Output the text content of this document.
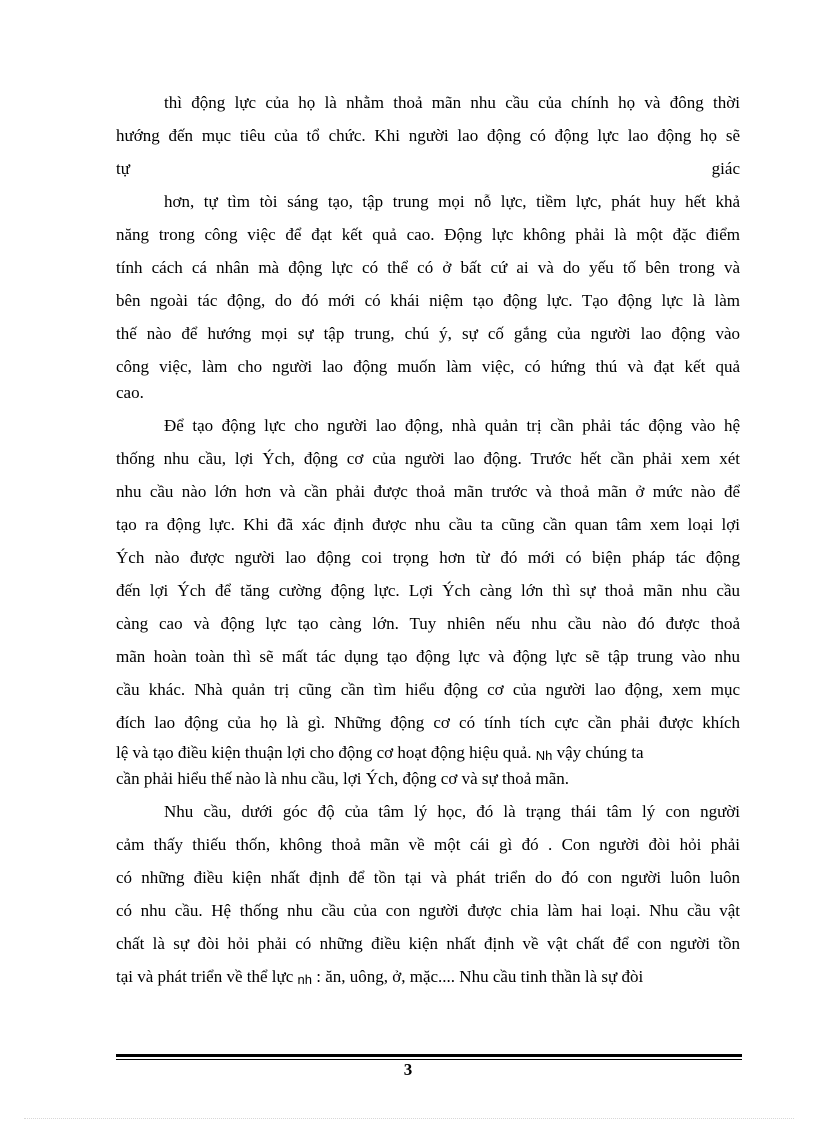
thì động lực của họ là nhằm thoả mãn nhu cầu của chính họ và đông thời
hướng đến mục tiêu của tổ chức. Khi người lao động có động lực lao động họ sẽ
tự	giác
hơn, tự tìm tòi sáng tạo, tập trung mọi nỗ lực, tiềm lực, phát huy hết khả
năng trong công việc để đạt kết quả cao. Động lực không phải là một đặc điểm
tính cách cá nhân mà động lực có thể có ở bất cứ ai và do yếu tố bên trong và
bên ngoài tác động, do đó mới có khái niệm tạo động lực. Tạo động lực là làm
thế nào để hướng mọi sự tập trung, chú ý, sự cố gắng của người lao động vào
công việc, làm cho người lao động muốn làm việc, có hứng thú và đạt kết quả
cao.
Để tạo động lực cho người lao động, nhà quản trị cần phải tác động vào hệ
thống nhu cầu, lợi Ých, động cơ của người lao động. Trước hết cần phải xem xét
nhu cầu nào lớn hơn và cần phải được thoả mãn trước và thoả mãn ở mức nào để
tạo ra động lực. Khi đã xác định được nhu cầu ta cũng cần quan tâm xem loại lợi
Ých nào được người lao động coi trọng hơn từ đó mới có biện pháp tác động
đến lợi Ých để tăng cường động lực. Lợi Ých càng lớn thì sự thoả mãn nhu cầu
càng cao và động lực tạo càng lớn. Tuy nhiên nếu nhu cầu nào đó được thoả
mãn hoàn toàn thì sẽ mất tác dụng tạo động lực và động lực sẽ tập trung vào nhu
cầu khác. Nhà quản trị cũng cần tìm hiểu động cơ của người lao động, xem mục
đích lao động của họ là gì. Những động cơ có tính tích cực cần phải được khích
lệ và tạo điều kiện thuận lợi cho động cơ hoạt động hiệu quả. Nh vậy chúng ta
cần phải hiểu thế nào là nhu cầu, lợi Ých, động cơ và sự thoả mãn.
Nhu cầu, dưới góc độ của tâm lý học, đó là trạng thái tâm lý con người
cảm thấy thiếu thốn, không thoả mãn về một cái gì đó . Con người đòi hỏi phải
có những điều kiện nhất định để tồn tại và phát triển do đó con người luôn luôn
có nhu cầu. Hệ thống nhu cầu của con người được chia làm hai loại. Nhu cầu vật
chất là sự đòi hỏi phải có những điều kiện nhất định về vật chất để con người tồn
tại và phát triển về thể lực nh : ăn, uông, ở, mặc.... Nhu cầu tinh thần là sự đòi
3
